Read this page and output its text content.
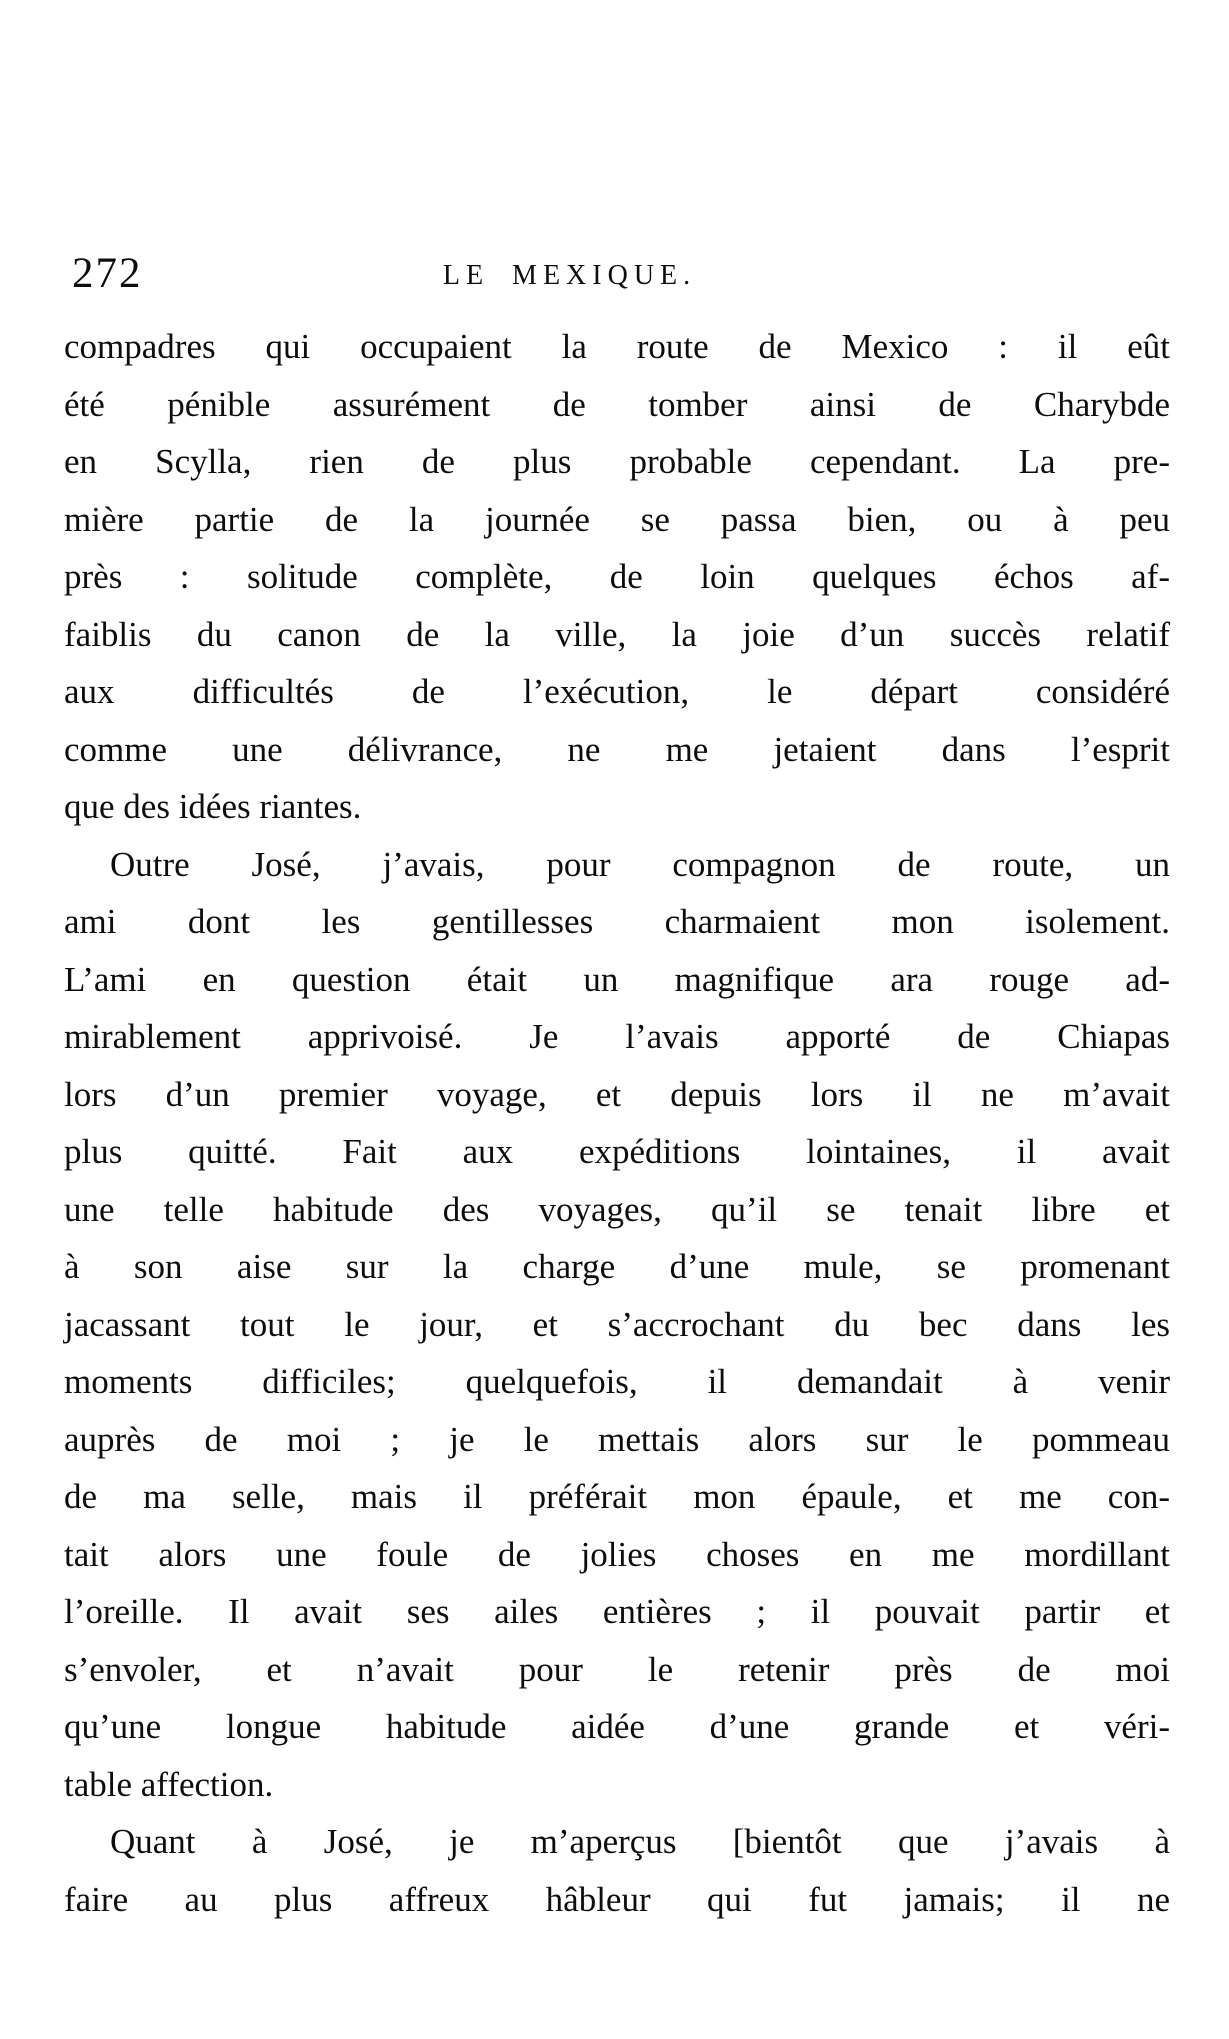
272	LE MEXIQUE.
compadres qui occupaient la route de Mexico : il eût
été pénible assurément de tomber ainsi de Charybde
en Scylla, rien de plus probable cependant. La pre-
mière partie de la journée se passa bien, ou à peu
près : solitude complète, de loin quelques échos af-
faiblis du canon de la ville, la joie d’un succès relatif
aux difficultés de l’exécution, le départ considéré
comme une délivrance, ne me jetaient dans l’esprit
que des idées riantes.
Outre José, j’avais, pour compagnon de route, un
ami dont les gentillesses charmaient mon isolement.
L’ami en question était un magnifique ara rouge ad-
mirablement apprivoisé. Je l’avais apporté de Chiapas
lors d’un premier voyage, et depuis lors il ne m’avait
plus quitté. Fait aux expéditions lointaines, il avait
une telle habitude des voyages, qu’il se tenait libre et
à son aise sur la charge d’une mule, se promenant
jacassant tout le jour, et s’accrochant du bec dans les
moments difficiles; quelquefois, il demandait à venir
auprès de moi ; je le mettais alors sur le pommeau
de ma selle, mais il préférait mon épaule, et me con-
tait alors une foule de jolies choses en me mordillant
l’oreille. Il avait ses ailes entières ; il pouvait partir et
s’envoler, et n’avait pour le retenir près de moi
qu’une longue habitude aidée d’une grande et véri-
table affection.
Quant à José, je m’aperçus [bientôt que j’avais à
faire au plus affreux hâbleur qui fut jamais; il ne
